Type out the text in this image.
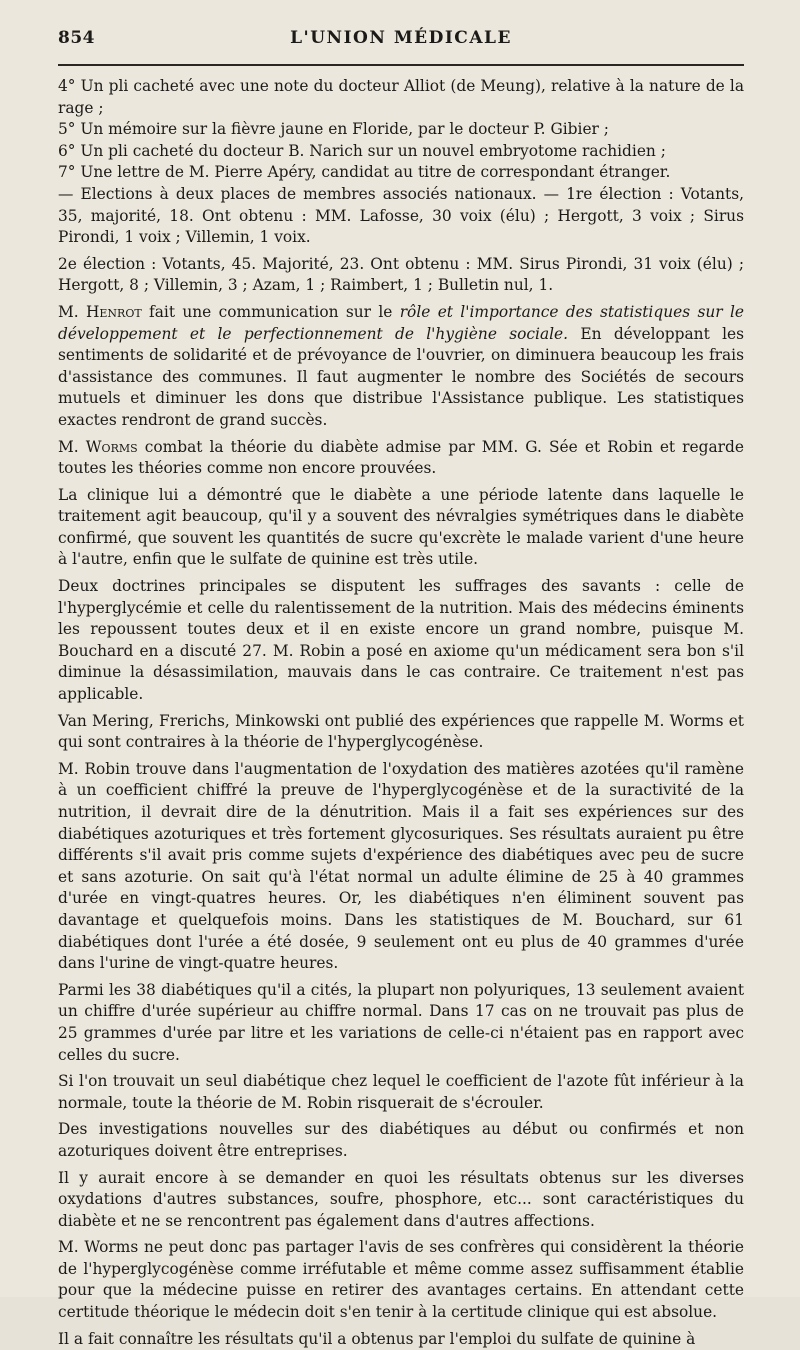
854	L'UNION MÉDICALE

4° Un pli cacheté avec une note du docteur Alliot (de Meung), relative à la nature de la rage ;

5° Un mémoire sur la fièvre jaune en Floride, par le docteur P. Gibier ;

6° Un pli cacheté du docteur B. Narich sur un nouvel embryotome rachidien ;

7° Une lettre de M. Pierre Apéry, candidat au titre de correspondant étranger.

— Elections à deux places de membres associés nationaux. — 1re élection : Votants, 35, majorité, 18. Ont obtenu : MM. Lafosse, 30 voix (élu) ; Hergott, 3 voix ; Sirus Pirondi, 1 voix ; Villemin, 1 voix.

2e élection : Votants, 45. Majorité, 23. Ont obtenu : MM. Sirus Pirondi, 31 voix (élu) ; Hergott, 8 ; Villemin, 3 ; Azam, 1 ; Raimbert, 1 ; Bulletin nul, 1.

M. Henrot fait une communication sur le rôle et l'importance des statistiques sur le développement et le perfectionnement de l'hygiène sociale. En développant les sentiments de solidarité et de prévoyance de l'ouvrier, on diminuera beaucoup les frais d'assistance des communes. Il faut augmenter le nombre des Sociétés de secours mutuels et diminuer les dons que distribue l'Assistance publique. Les statistiques exactes rendront de grand succès.

M. Worms combat la théorie du diabète admise par MM. G. Sée et Robin et regarde toutes les théories comme non encore prouvées.

La clinique lui a démontré que le diabète a une période latente dans laquelle le traitement agit beaucoup, qu'il y a souvent des névralgies symétriques dans le diabète confirmé, que souvent les quantités de sucre qu'excrète le malade varient d'une heure à l'autre, enfin que le sulfate de quinine est très utile.

Deux doctrines principales se disputent les suffrages des savants : celle de l'hyperglycémie et celle du ralentissement de la nutrition. Mais des médecins éminents les repoussent toutes deux et il en existe encore un grand nombre, puisque M. Bouchard en a discuté 27. M. Robin a posé en axiome qu'un médicament sera bon s'il diminue la désassimilation, mauvais dans le cas contraire. Ce traitement n'est pas applicable.

Van Mering, Frerichs, Minkowski ont publié des expériences que rappelle M. Worms et qui sont contraires à la théorie de l'hyperglycogénèse.

M. Robin trouve dans l'augmentation de l'oxydation des matières azotées qu'il ramène à un coefficient chiffré la preuve de l'hyperglycogénèse et de la suractivité de la nutrition, il devrait dire de la dénutrition. Mais il a fait ses expériences sur des diabétiques azoturiques et très fortement glycosuriques. Ses résultats auraient pu être différents s'il avait pris comme sujets d'expérience des diabétiques avec peu de sucre et sans azoturie. On sait qu'à l'état normal un adulte élimine de 25 à 40 grammes d'urée en vingt-quatres heures. Or, les diabétiques n'en éliminent souvent pas davantage et quelquefois moins. Dans les statistiques de M. Bouchard, sur 61 diabétiques dont l'urée a été dosée, 9 seulement ont eu plus de 40 grammes d'urée dans l'urine de vingt-quatre heures.

Parmi les 38 diabétiques qu'il a cités, la plupart non polyuriques, 13 seulement avaient un chiffre d'urée supérieur au chiffre normal. Dans 17 cas on ne trouvait pas plus de 25 grammes d'urée par litre et les variations de celle-ci n'étaient pas en rapport avec celles du sucre.

Si l'on trouvait un seul diabétique chez lequel le coefficient de l'azote fût inférieur à la normale, toute la théorie de M. Robin risquerait de s'écrouler.

Des investigations nouvelles sur des diabétiques au début ou confirmés et non azoturiques doivent être entreprises.

Il y aurait encore à se demander en quoi les résultats obtenus sur les diverses oxydations d'autres substances, soufre, phosphore, etc... sont caractéristiques du diabète et ne se rencontrent pas également dans d'autres affections.

M. Worms ne peut donc pas partager l'avis de ses confrères qui considèrent la théorie de l'hyperglycogénèse comme irréfutable et même comme assez suffisamment établie pour que la médecine puisse en retirer des avantages certains. En attendant cette certitude théorique le médecin doit s'en tenir à la certitude clinique qui est absolue.

Il a fait connaître les résultats qu'il a obtenus par l'emploi du sulfate de quinine à
